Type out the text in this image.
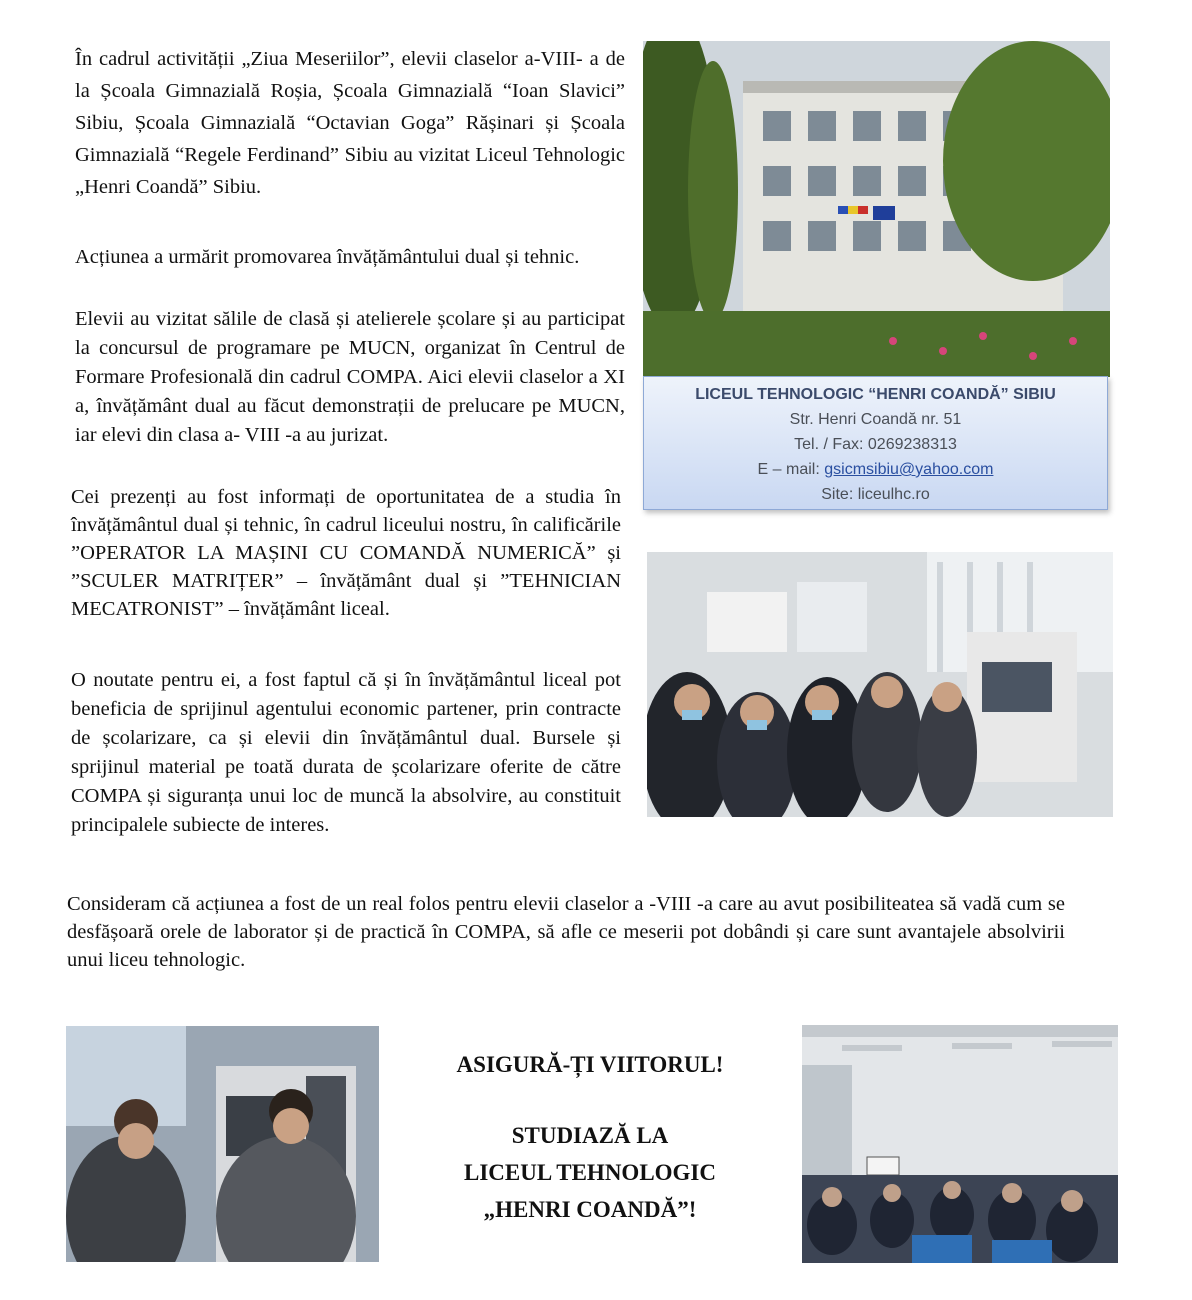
În cadrul activității „Ziua Meseriilor”, elevii claselor a-VIII- a de la Școala Gimnazială Roșia, Școala Gimnazială “Ioan Slavici” Sibiu, Școala Gimnazială “Octavian Goga” Rășinari și Școala Gimnazială “Regele Ferdinand” Sibiu au vizitat Liceul Tehnologic „Henri Coandă” Sibiu.

Acțiunea a urmărit promovarea învățământului dual și tehnic.

Elevii au vizitat sălile de clasă și atelierele școlare și au participat la concursul de programare pe MUCN, organizat în Centrul de Formare Profesională din cadrul COMPA. Aici elevii claselor a XI a, învățământ dual au făcut demonstrații de prelucare pe MUCN, iar elevi din clasa a- VIII -a au jurizat.

Cei prezenți au fost informați de oportunitatea de a studia în învățământul dual și tehnic, în cadrul liceului nostru, în calificările ”OPERATOR LA MAȘINI CU COMANDĂ NUMERICĂ” și ”SCULER MATRIȚER” – învățământ dual și ”TEHNICIAN MECATRONIST” – învățământ liceal.

O noutate pentru ei, a fost faptul că și în învățământul liceal pot beneficia de sprijinul agentului economic partener, prin contracte de școlarizare, ca și elevii din învățământul dual. Bursele și sprijinul material pe toată durata de școlarizare oferite de către COMPA și siguranța unui loc de muncă la absolvire, au constituit principalele subiecte de interes.

Consideram că acțiunea a fost de un real folos pentru elevii claselor a -VIII -a care au avut posibiliteatea să vadă cum se desfășoară orele de laborator și de practică în COMPA, să afle ce meserii pot dobândi și care sunt avantajele absolvirii unui liceu tehnologic.

LICEUL TEHNOLOGIC “HENRI COANDĂ” SIBIU
Str. Henri Coandă nr. 51
Tel. / Fax: 0269238313
E – mail: gsicmsibiu@yahoo.com
Site: liceulhc.ro
ASIGURĂ-ȚI VIITORUL!
STUDIAZĂ LA
LICEUL TEHNOLOGIC
„HENRI COANDĂ”!
